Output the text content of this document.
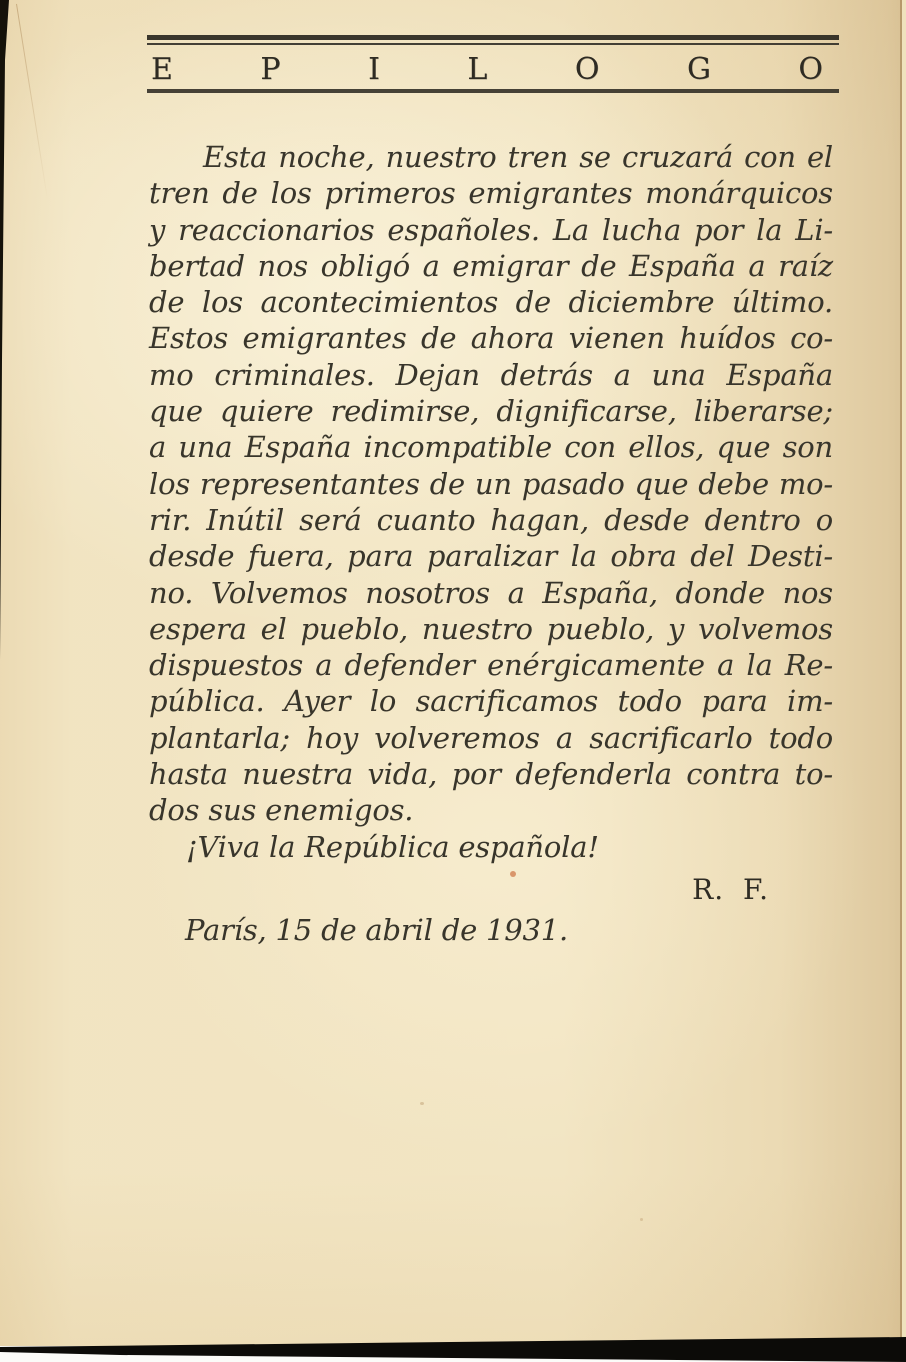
E P I L O G O
Esta noche, nuestro tren se cruzará con el
tren de los primeros emigrantes monárquicos
y reaccionarios españoles. La lucha por la Li-
bertad nos obligó a emigrar de España a raíz
de los acontecimientos de diciembre último.
Estos emigrantes de ahora vienen huídos co-
mo criminales. Dejan detrás a una España
que quiere redimirse, dignificarse, liberarse;
a una España incompatible con ellos, que son
los representantes de un pasado que debe mo-
rir. Inútil será cuanto hagan, desde dentro o
desde fuera, para paralizar la obra del Desti-
no. Volvemos nosotros a España, donde nos
espera el pueblo, nuestro pueblo, y volvemos
dispuestos a defender enérgicamente a la Re-
pública. Ayer lo sacrificamos todo para im-
plantarla; hoy volveremos a sacrificarlo todo
hasta nuestra vida, por defenderla contra to-
dos sus enemigos.
¡Viva la República española!
R. F.
París, 15 de abril de 1931.
